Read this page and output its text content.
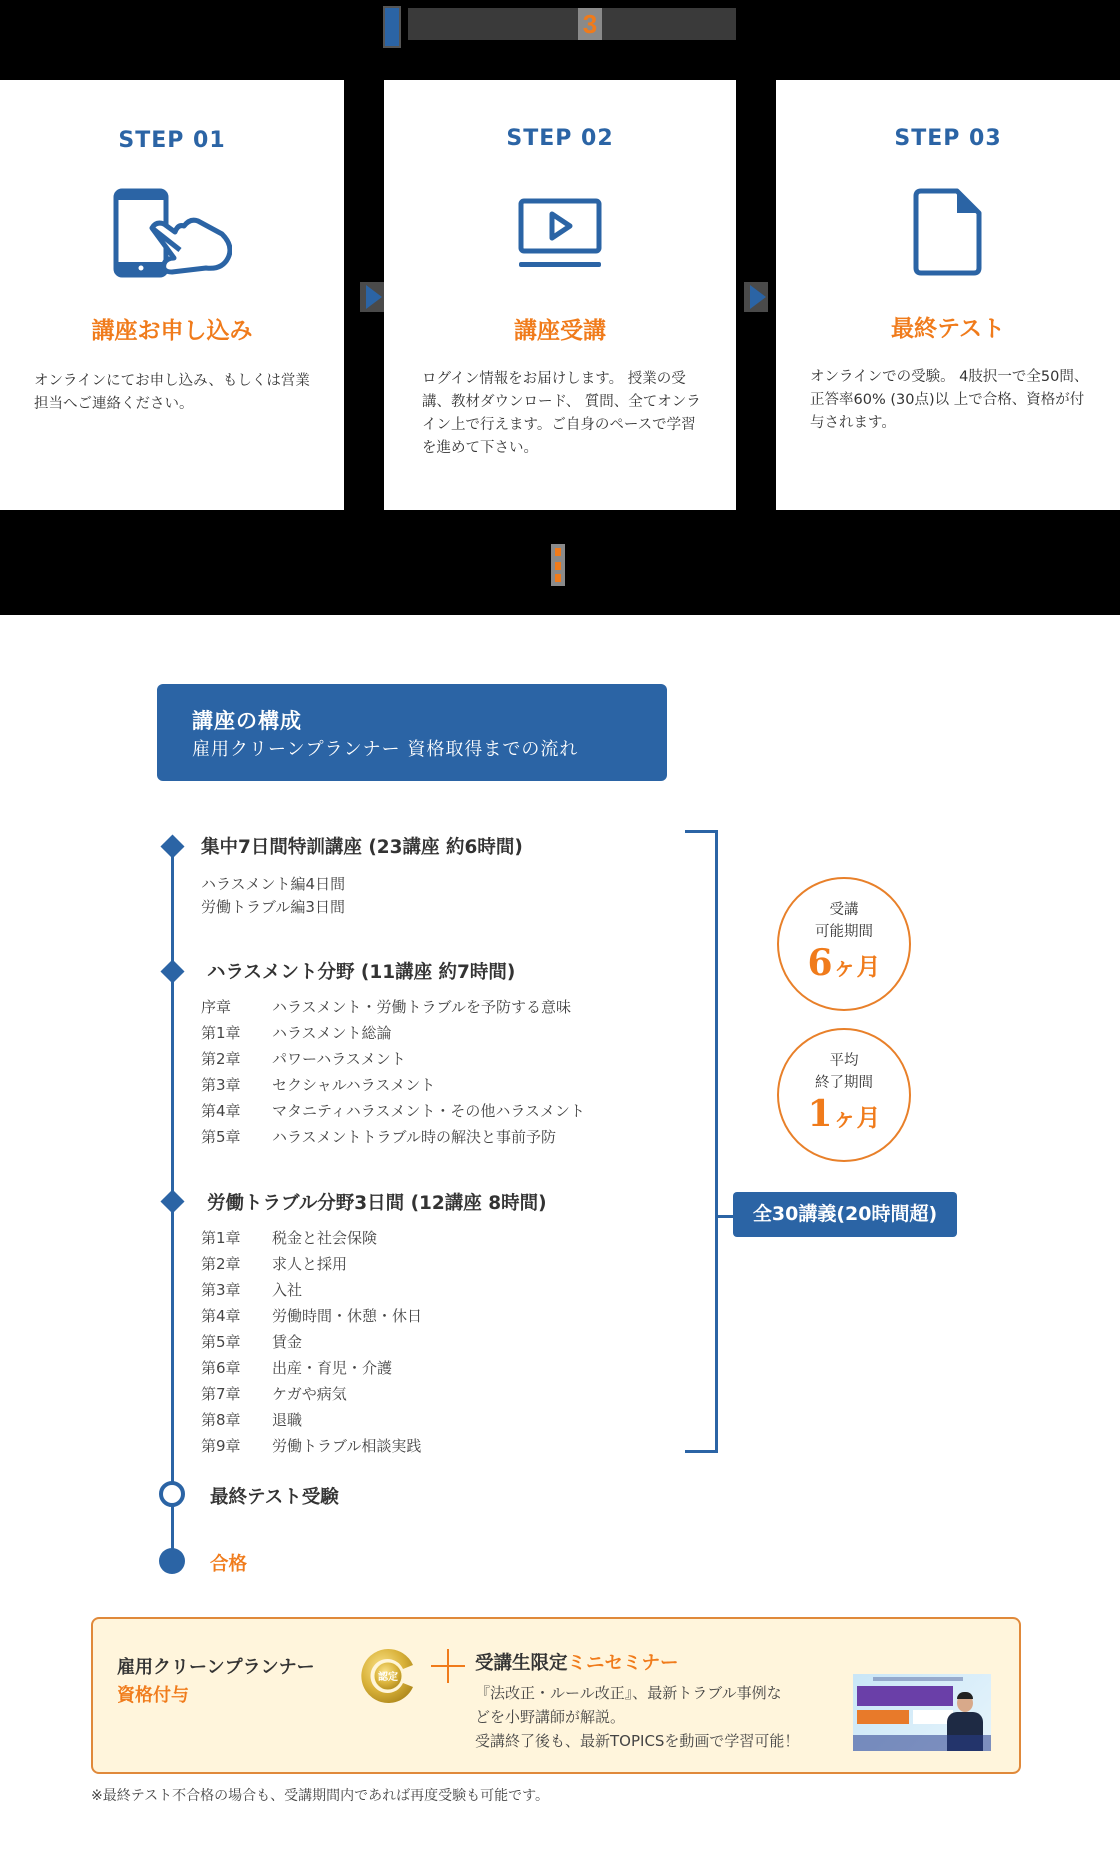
3
STEP 01
講座お申し込み
オンラインにてお申し込み、もしくは営業担当へご連絡ください。
STEP 02
講座受講
ログイン情報をお届けします。 授業の受講、教材ダウンロード、 質問、全てオンライン上で行えます。ご自身のペースで学習を進めて下さい。
STEP 03
最終テスト
オンラインでの受験。 4肢択一で全50問、正答率60% (30点)以 上で合格、資格が付与されます。
講座の構成
雇用クリーンプランナー 資格取得までの流れ
集中7日間特訓講座 (23講座 約6時間)
ハラスメント編4日間
労働トラブル編3日間
ハラスメント分野 (11講座 約7時間)
序章	ハラスメント・労働トラブルを予防する意味
第1章	ハラスメント総論
第2章	パワーハラスメント
第3章	セクシャルハラスメント
第4章	マタニティハラスメント・その他ハラスメント
第5章	ハラスメントトラブル時の解決と事前予防
労働トラブル分野3日間 (12講座 8時間)
第1章	税金と社会保険
第2章	求人と採用
第3章	入社
第4章	労働時間・休憩・休日
第5章	賃金
第6章	出産・育児・介護
第7章	ケガや病気
第8章	退職
第9章	労働トラブル相談実践
最終テスト受験
合格
受講
可能期間
6ヶ月
平均
終了期間
1ヶ月
全30講義(20時間超)
雇用クリーンプランナー
資格付与
認定
受講生限定ミニセミナー
『法改正・ルール改正』、最新トラブル事例な
どを小野講師が解説。
受講終了後も、最新TOPICSを動画で学習可能！
※最終テスト不合格の場合も、受講期間内であれば再度受験も可能です。
